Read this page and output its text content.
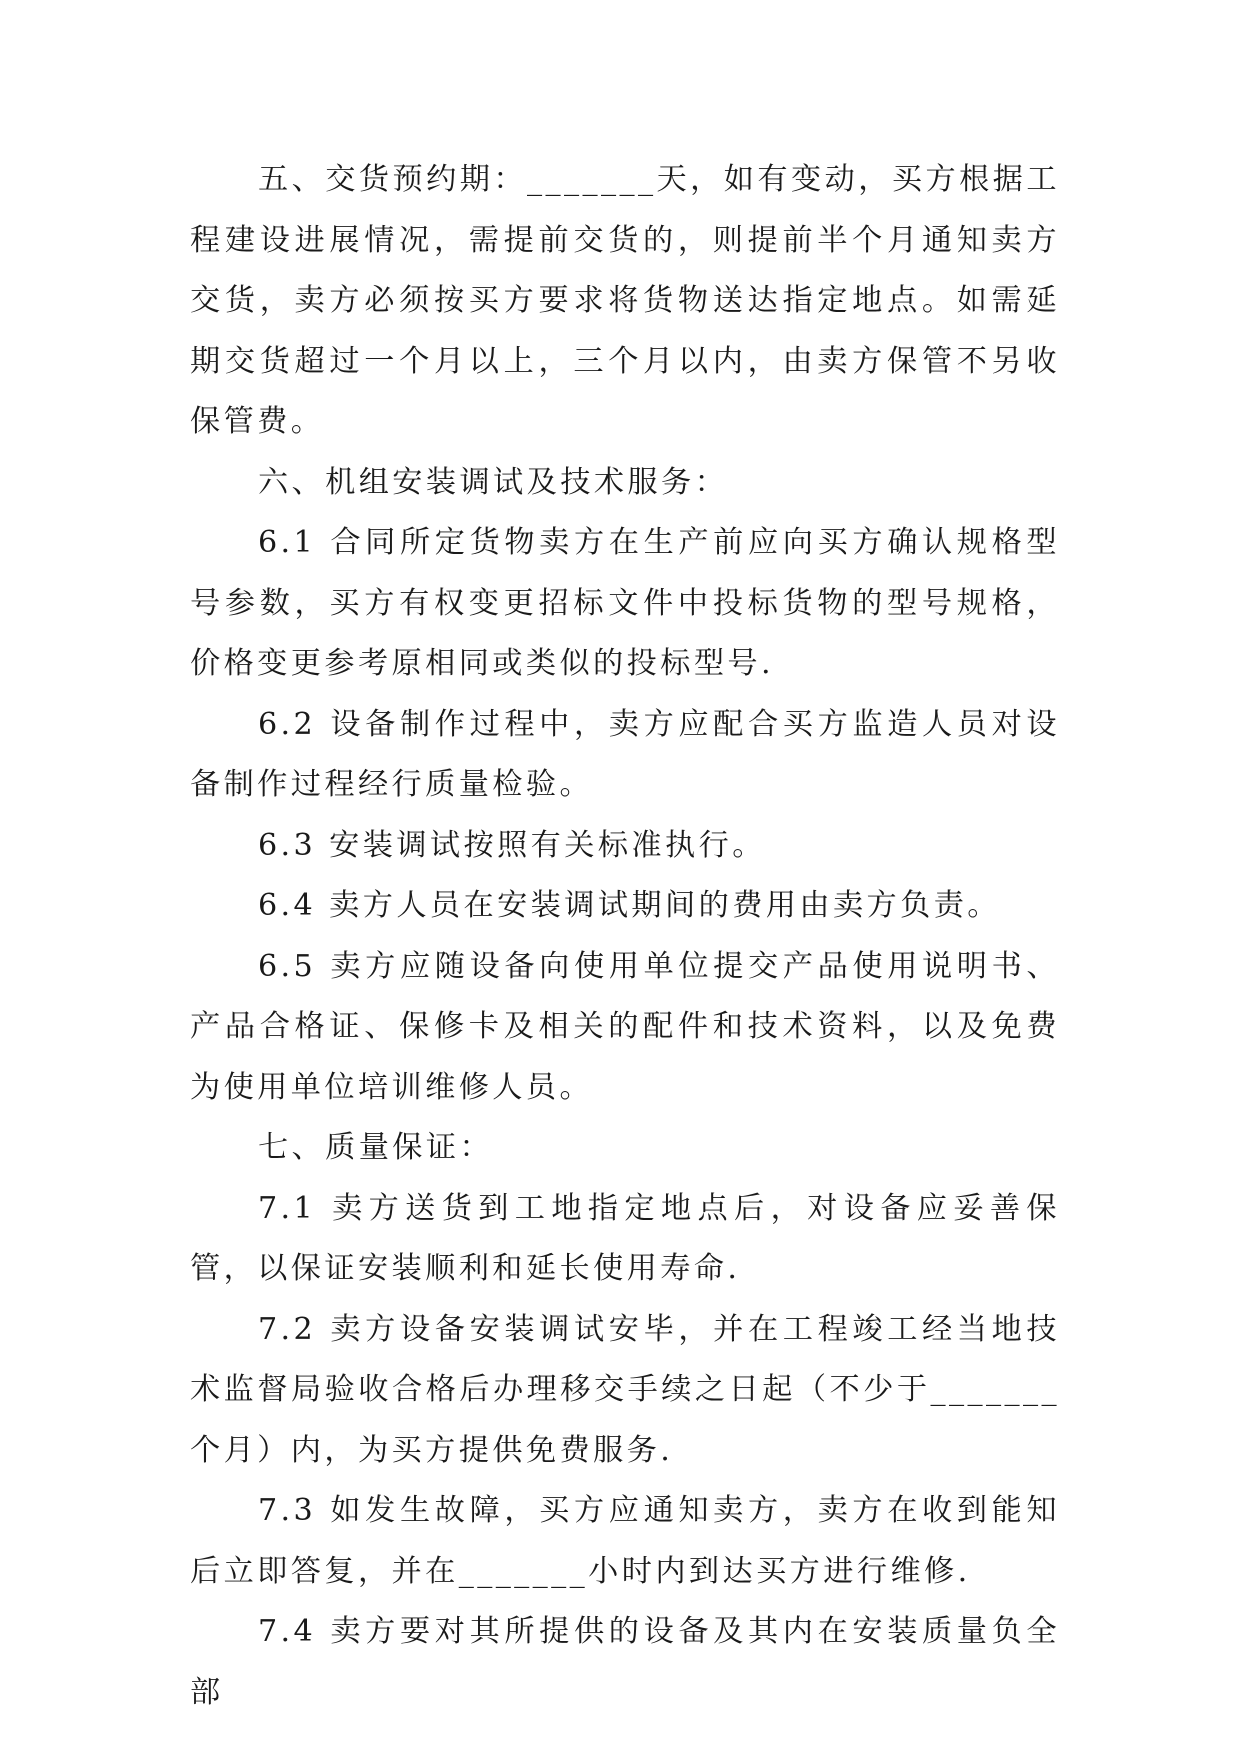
五、交货预约期：_______天，如有变动，买方根据工程建设进展情况，需提前交货的，则提前半个月通知卖方交货，卖方必须按买方要求将货物送达指定地点。如需延期交货超过一个月以上，三个月以内，由卖方保管不另收保管费。

六、机组安装调试及技术服务：

6.1 合同所定货物卖方在生产前应向买方确认规格型号参数，买方有权变更招标文件中投标货物的型号规格，价格变更参考原相同或类似的投标型号.

6.2 设备制作过程中，卖方应配合买方监造人员对设备制作过程经行质量检验。

6.3 安装调试按照有关标准执行。

6.4 卖方人员在安装调试期间的费用由卖方负责。

6.5 卖方应随设备向使用单位提交产品使用说明书、产品合格证、保修卡及相关的配件和技术资料，以及免费为使用单位培训维修人员。

七、质量保证：

7.1 卖方送货到工地指定地点后，对设备应妥善保管，以保证安装顺利和延长使用寿命.

7.2 卖方设备安装调试安毕，并在工程竣工经当地技术监督局验收合格后办理移交手续之日起（不少于_______个月）内，为买方提供免费服务.

7.3 如发生故障，买方应通知卖方，卖方在收到能知后立即答复，并在_______小时内到达买方进行维修.

7.4 卖方要对其所提供的设备及其内在安装质量负全部
